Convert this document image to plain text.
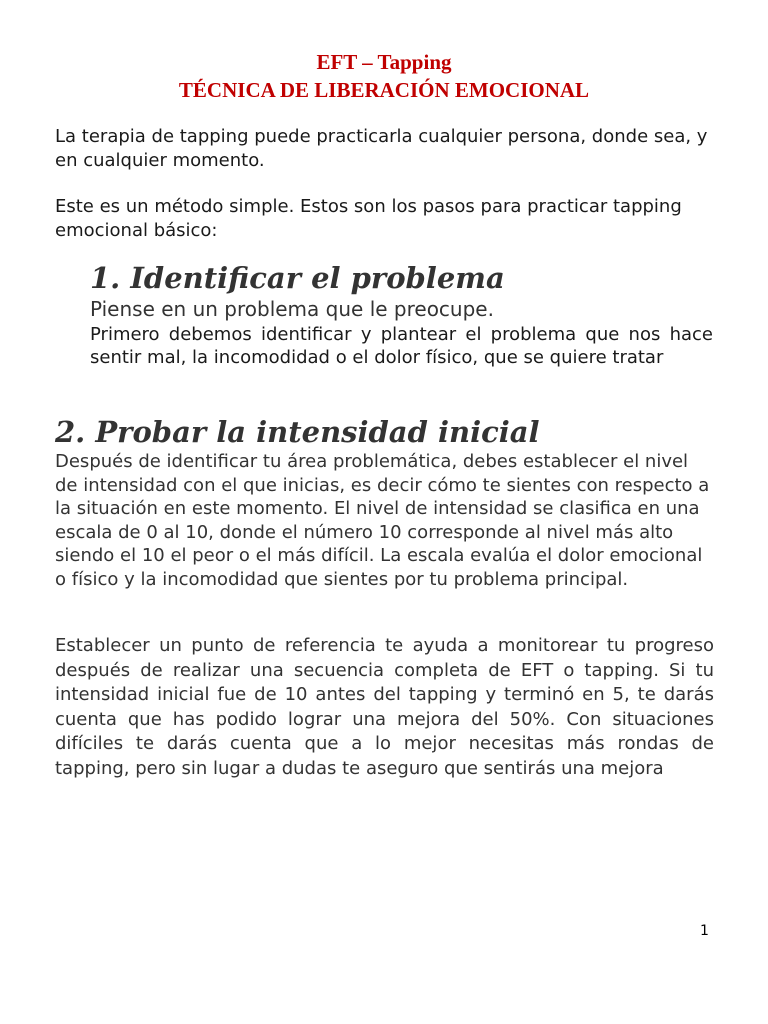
EFT – Tapping
TÉCNICA DE LIBERACIÓN EMOCIONAL

La terapia de tapping puede practicarla cualquier persona, donde sea, y en cualquier momento.

Este es un método simple. Estos son los pasos para practicar tapping emocional básico:

1. Identificar el problema

Piense en un problema que le preocupe.

Primero debemos identificar y plantear el problema que nos hace sentir mal, la incomodidad o el dolor físico, que se quiere tratar

2. Probar la intensidad inicial

Después de identificar tu área problemática, debes establecer el nivel de intensidad con el que inicias, es decir cómo te sientes con respecto a la situación en este momento. El nivel de intensidad se clasifica en una escala de 0 al 10, donde el número 10 corresponde al nivel más alto siendo el 10 el peor o el más difícil. La escala evalúa el dolor emocional o físico y la incomodidad que sientes por tu problema principal.

Establecer un punto de referencia te ayuda a monitorear tu progreso después de realizar una secuencia completa de EFT o tapping. Si tu intensidad inicial fue de 10 antes del tapping y terminó en 5, te darás cuenta que has podido lograr una mejora del 50%. Con situaciones difíciles te darás cuenta que a lo mejor necesitas más rondas de tapping, pero sin lugar a dudas te aseguro que sentirás una mejora

1
